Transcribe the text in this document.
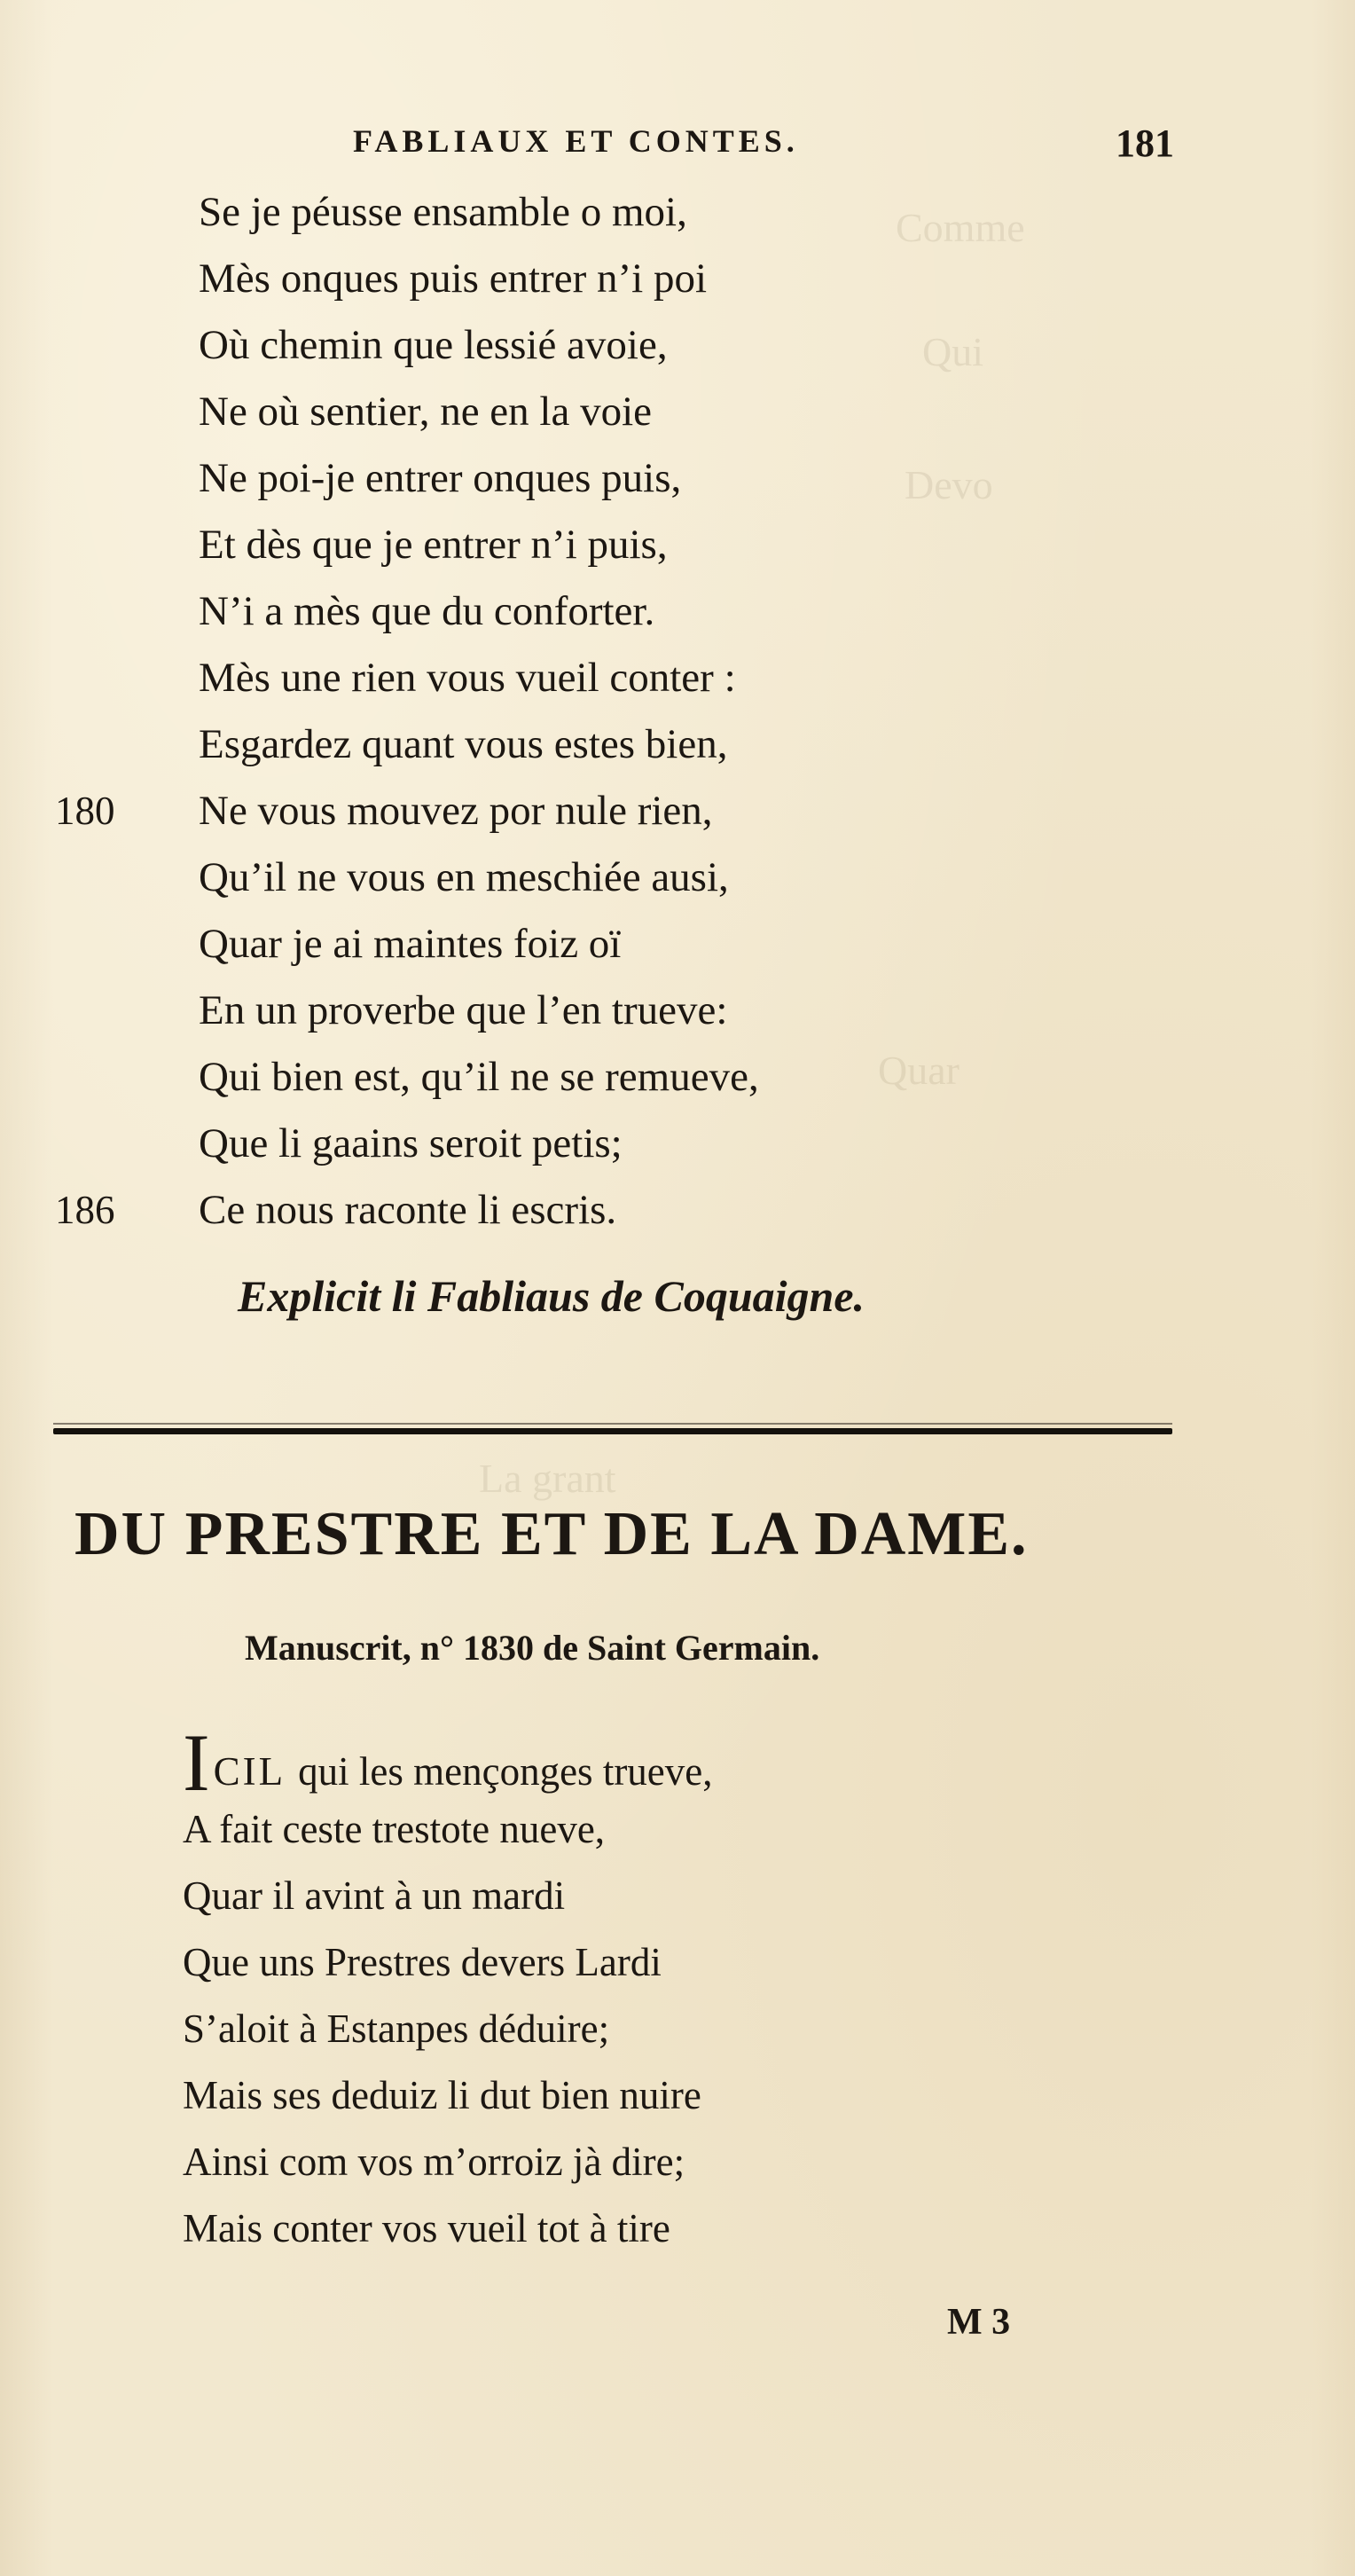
Comme
Qui
Devo
Quar
La grant
FABLIAUX ET CONTES.	181
Se je péusse ensamble o moi,
Mès onques puis entrer n’i poi
Où chemin que lessié avoie,
Ne où sentier, ne en la voie
Ne poi-je entrer onques puis,
Et dès que je entrer n’i puis,
N’i a mès que du conforter.
Mès une rien vous vueil conter :
Esgardez quant vous estes bien,
180 Ne vous mouvez por nule rien,
Qu’il ne vous en meschiée ausi,
Quar je ai maintes foiz oï
En un proverbe que l’en trueve:
Qui bien est, qu’il ne se remueve,
Que li gaains seroit petis;
186 Ce nous raconte li escris.
Explicit li Fabliaus de Coquaigne.
DU PRESTRE ET DE LA DAME.
Manuscrit, n° 1830 de Saint Germain.
ICIL qui les mençonges trueve,
A fait ceste trestote nueve,
Quar il avint à un mardi
Que uns Prestres devers Lardi
S’aloit à Estanpes déduire;
Mais ses deduiz li dut bien nuire
Ainsi com vos m’orroiz jà dire;
Mais conter vos vueil tot à tire
M 3
